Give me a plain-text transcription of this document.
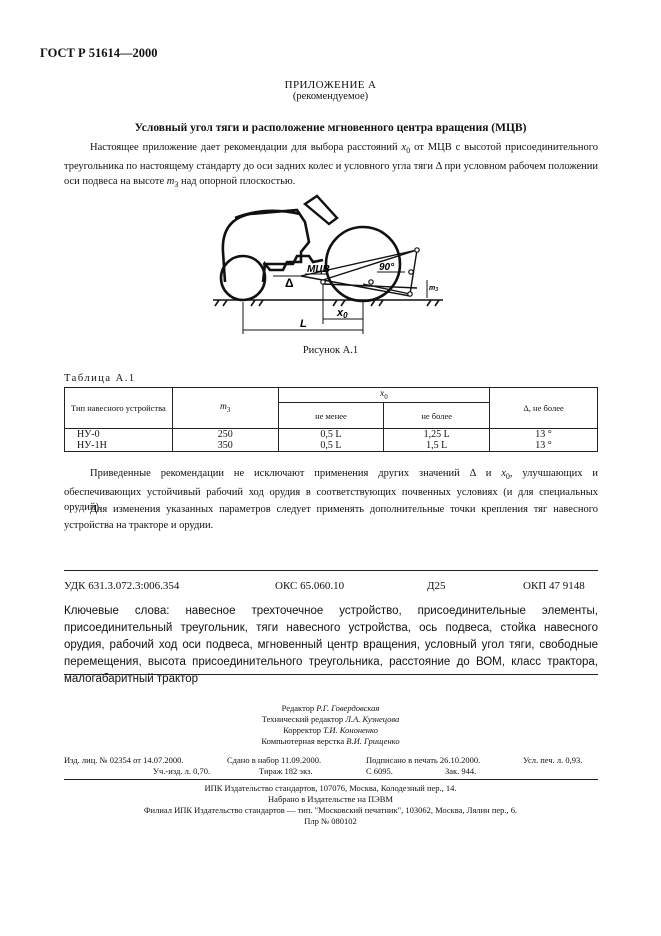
ГОСТ Р 51614—2000
ПРИЛОЖЕНИЕ А
(рекомендуемое)
Условный угол тяги и расположение мгновенного центра вращения (МЦВ)
Настоящее приложение дает рекомендации для выбора расстояний $x_0$ от МЦВ с высотой присоединительного треугольника по настоящему стандарту до оси задних колес и условного угла тяги Δ при условном рабочем положении оси подвеса на высоте $m_3$ над опорной плоскостью.
МЦВ	90°
Δ
x0
L
m3
Рисунок А.1
Таблица А.1
Тип навесного устройства	$m_3$	$x_0$		Δ, не более
		не менее	не более	
НУ-0	250	0,5 L	1,25 L	13 °
НУ-1Н	350	0,5 L	1,5 L	13 °
Приведенные рекомендации не исключают применения других значений Δ и $x_0$, улучшающих и обеспечивающих устойчивый рабочий ход орудия в соответствующих почвенных условиях (и для специальных орудий).
Для изменения указанных параметров следует применять дополнительные точки крепления тяг навесного устройства на тракторе и орудии.
УДК 631.3.072.3:006.354	ОКС 65.060.10	Д25	ОКП 47 9148
Ключевые слова: навесное трехточечное устройство, присоединительные элементы, присоединительный треугольник, тяги навесного устройства, ось подвеса, стойка навесного орудия, рабочий ход оси подвеса, мгновенный центр вращения, условный угол тяги, свободные перемещения, высота присоединительного треугольника, расстояние до ВОМ, класс трактора, малогабаритный трактор
Редактор Р.Г. Говердовская
Технический редактор Л.А. Кузнецова
Корректор Т.И. Кононенко
Компьютерная верстка В.И. Грищенко
Изд. лиц. № 02354 от 14.07.2000.	Сдано в набор 11.09.2000.	Подписано в печать 26.10.2000.	Усл. печ. л. 0,93.
Уч.-изд. л. 0,70.	Тираж 182 экз.	С 6095.	Зак. 944.
ИПК Издательство стандартов, 107076, Москва, Колодезный пер., 14.
Набрано в Издательстве на ПЭВМ
Филиал ИПК Издательство стандартов — тип. "Московский печатник", 103062, Москва, Лялин пер., 6.
Плр № 080102
